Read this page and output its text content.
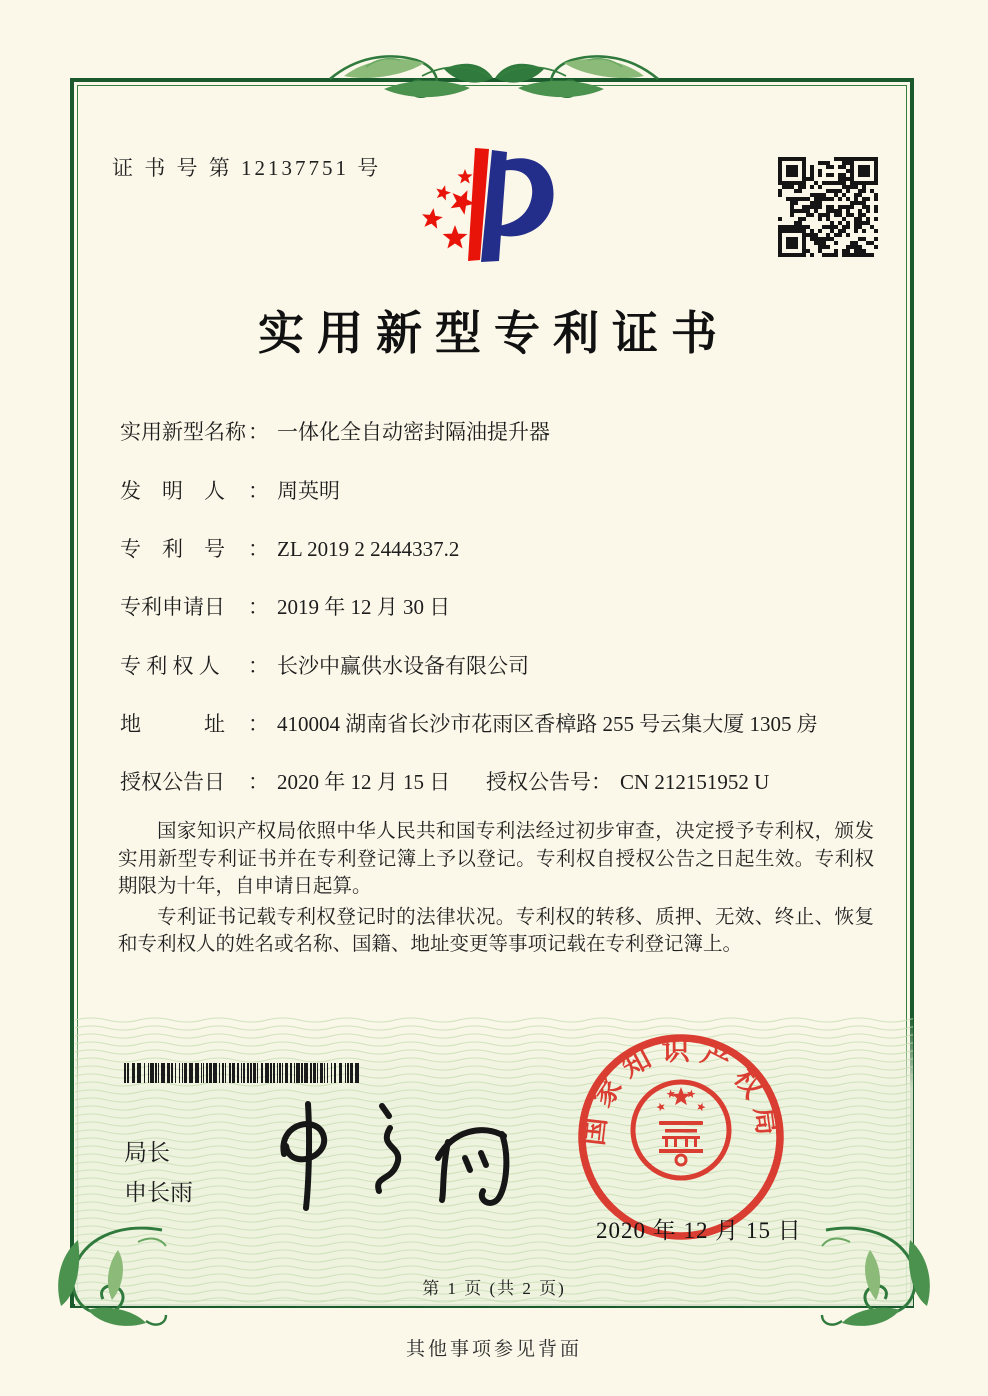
证 书 号 第 12137751 号
实用新型专利证书
实用新型名称： 一体化全自动密封隔油提升器
发　明　人 ： 周英明
专　利　号 ： ZL 2019 2 2444337.2
专利申请日 ： 2019 年 12 月 30 日
专 利 权 人 ： 长沙中赢供水设备有限公司
地　　　址 ： 410004 湖南省长沙市花雨区香樟路 255 号云集大厦 1305 房
授权公告日 ： 2020 年 12 月 15 日 授权公告号： CN 212151952 U

国家知识产权局依照中华人民共和国专利法经过初步审查，决定授予专利权，颁发实用新型专利证书并在专利登记簿上予以登记。专利权自授权公告之日起生效。专利权期限为十年，自申请日起算。

专利证书记载专利权登记时的法律状况。专利权的转移、质押、无效、终止、恢复和专利权人的姓名或名称、国籍、地址变更等事项记载在专利登记簿上。

局长
申长雨
国家知识产权局
2020 年 12 月 15 日
第 1 页 (共 2 页)
其他事项参见背面
